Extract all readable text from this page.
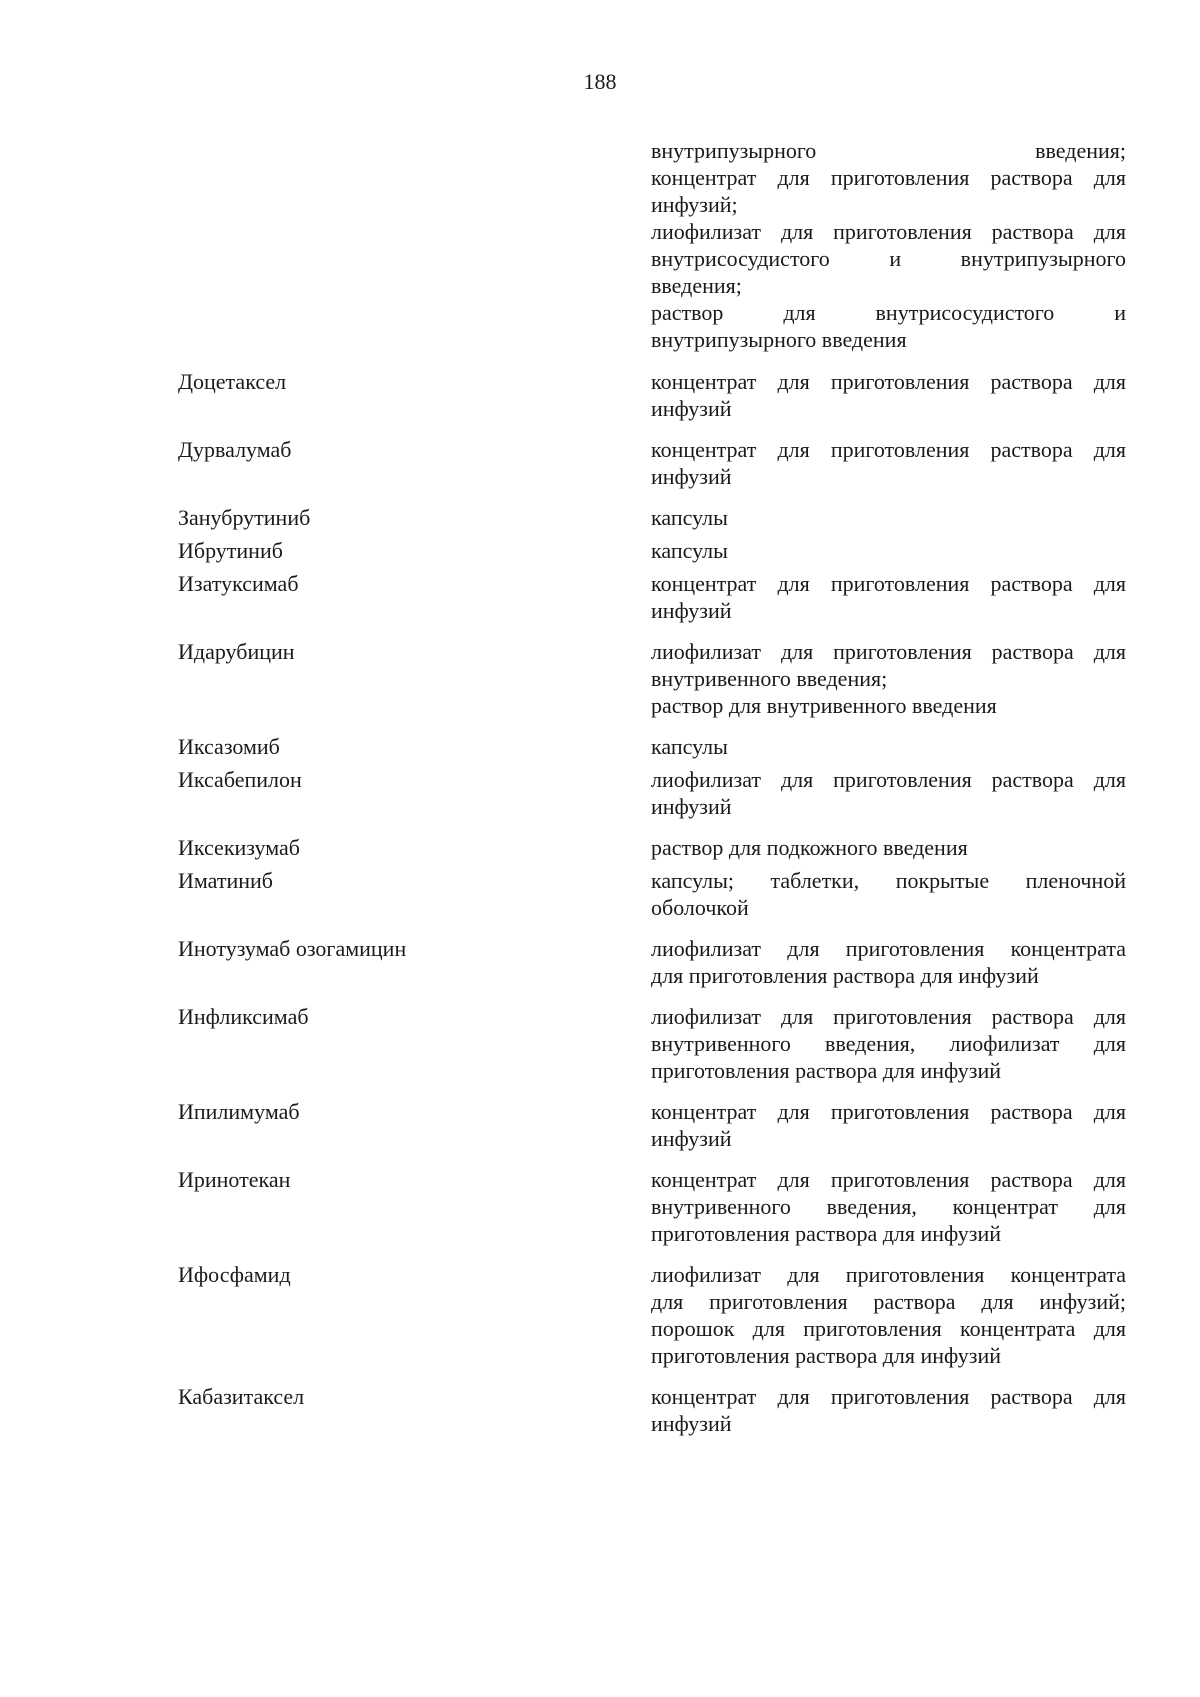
188
внутрипузырного введения;
концентрат для приготовления раствора для
инфузий;
лиофилизат для приготовления раствора для
внутрисосудистого и внутрипузырного
введения;
раствор для внутрисосудистого и
внутрипузырного введения
Доцетаксел	концентрат для приготовления раствора для
инфузий
Дурвалумаб	концентрат для приготовления раствора для
инфузий
Занубрутиниб	капсулы
Ибрутиниб	капсулы
Изатуксимаб	концентрат для приготовления раствора для
инфузий
Идарубицин	лиофилизат для приготовления раствора для
внутривенного введения;
раствор для внутривенного введения
Иксазомиб	капсулы
Иксабепилон	лиофилизат для приготовления раствора для
инфузий
Иксекизумаб	раствор для подкожного введения
Иматиниб	капсулы; таблетки, покрытые пленочной
оболочкой
Инотузумаб озогамицин	лиофилизат для приготовления концентрата
для приготовления раствора для инфузий
Инфликсимаб	лиофилизат для приготовления раствора для
внутривенного введения, лиофилизат для
приготовления раствора для инфузий
Ипилимумаб	концентрат для приготовления раствора для
инфузий
Иринотекан	концентрат для приготовления раствора для
внутривенного введения, концентрат для
приготовления раствора для инфузий
Ифосфамид	лиофилизат для приготовления концентрата
для приготовления раствора для инфузий;
порошок для приготовления концентрата для
приготовления раствора для инфузий
Кабазитаксел	концентрат для приготовления раствора для
инфузий
